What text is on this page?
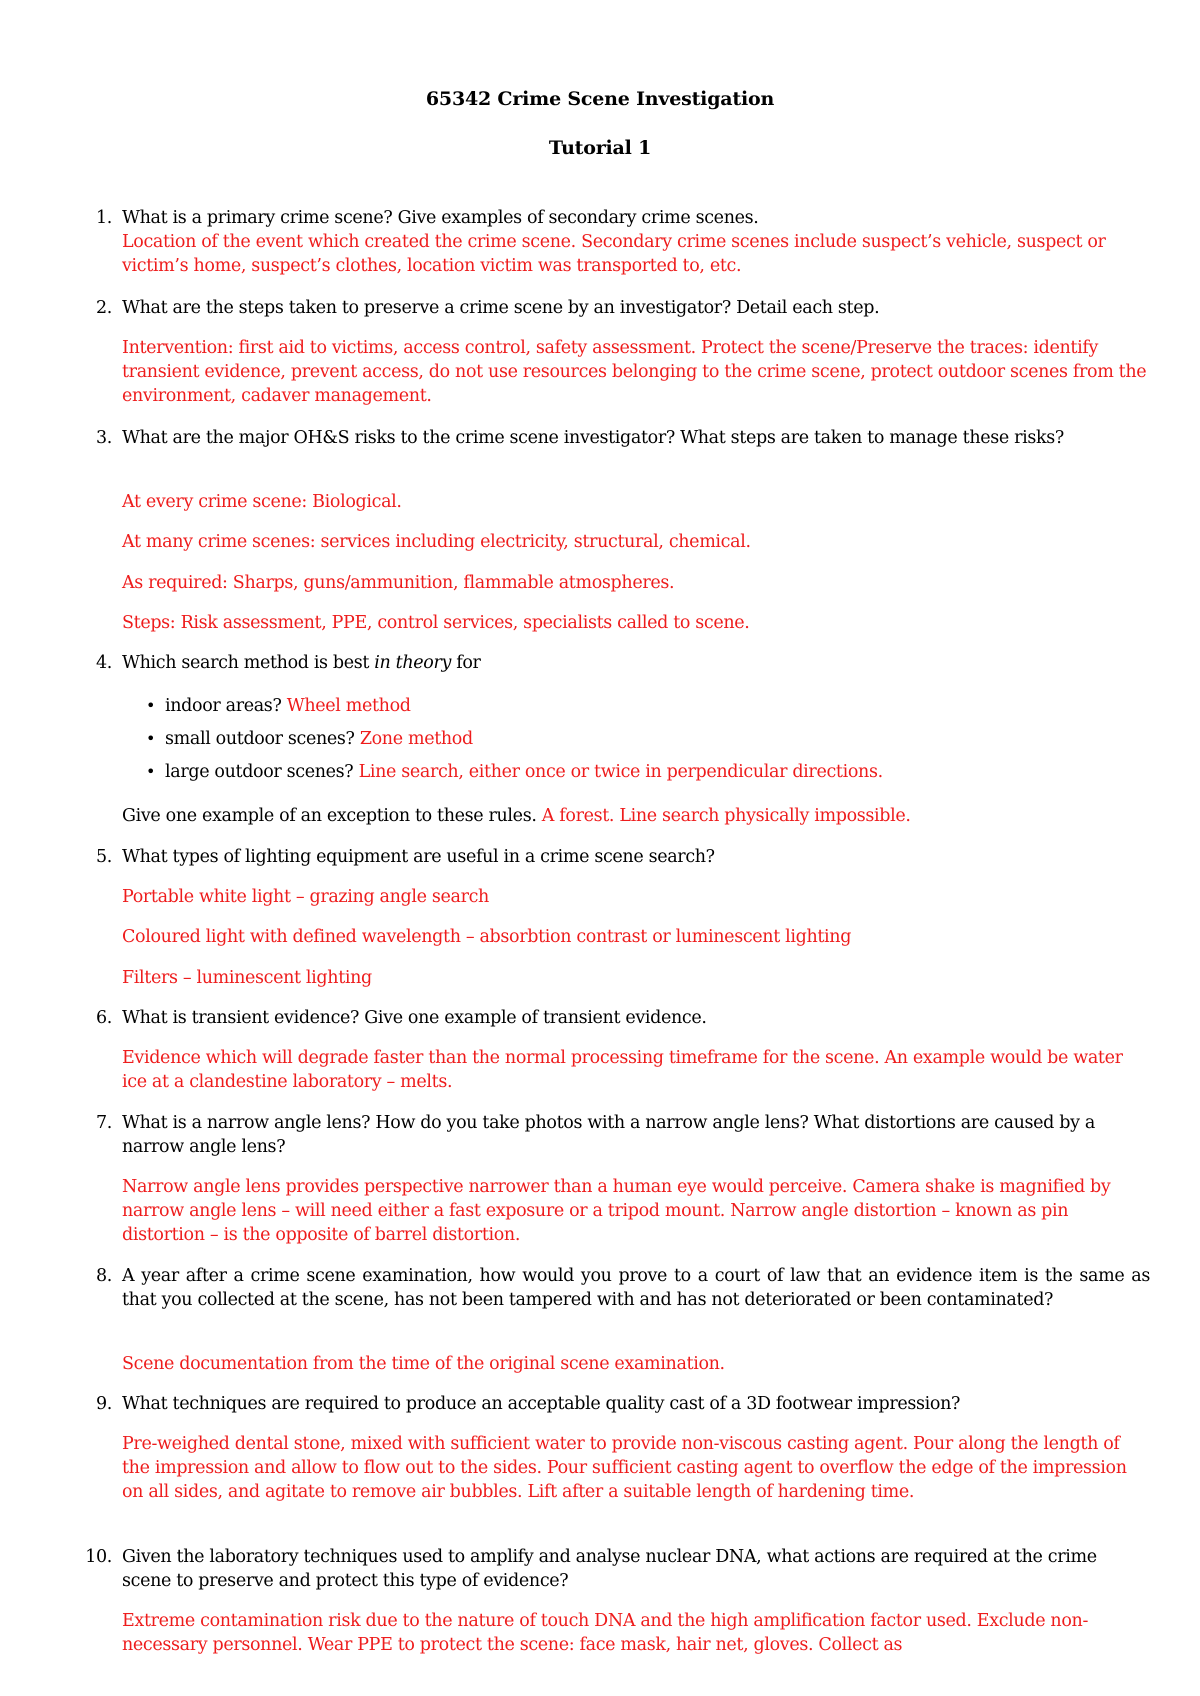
65342 Crime Scene Investigation
Tutorial 1
1. What is a primary crime scene? Give examples of secondary crime scenes.
Location of the event which created the crime scene. Secondary crime scenes include suspect’s vehicle, suspect or victim’s home, suspect’s clothes, location victim was transported to, etc.
2. What are the steps taken to preserve a crime scene by an investigator? Detail each step.
Intervention: first aid to victims, access control, safety assessment. Protect the scene/Preserve the traces: identify transient evidence, prevent access, do not use resources belonging to the crime scene, protect outdoor scenes from the environment, cadaver management.
3. What are the major OH&S risks to the crime scene investigator? What steps are taken to manage these risks?
At every crime scene: Biological.
At many crime scenes: services including electricity, structural, chemical.
As required: Sharps, guns/ammunition, flammable atmospheres.
Steps: Risk assessment, PPE, control services, specialists called to scene.
4. Which search method is best in theory for
• indoor areas? Wheel method
• small outdoor scenes? Zone method
• large outdoor scenes? Line search, either once or twice in perpendicular directions.
Give one example of an exception to these rules. A forest. Line search physically impossible.
5. What types of lighting equipment are useful in a crime scene search?
Portable white light – grazing angle search
Coloured light with defined wavelength – absorbtion contrast or luminescent lighting
Filters – luminescent lighting
6. What is transient evidence? Give one example of transient evidence.
Evidence which will degrade faster than the normal processing timeframe for the scene. An example would be water ice at a clandestine laboratory – melts.
7. What is a narrow angle lens? How do you take photos with a narrow angle lens? What distortions are caused by a narrow angle lens?
Narrow angle lens provides perspective narrower than a human eye would perceive. Camera shake is magnified by narrow angle lens – will need either a fast exposure or a tripod mount. Narrow angle distortion – known as pin distortion – is the opposite of barrel distortion.
8. A year after a crime scene examination, how would you prove to a court of law that an evidence item is the same as that you collected at the scene, has not been tampered with and has not deteriorated or been contaminated?
Scene documentation from the time of the original scene examination.
9. What techniques are required to produce an acceptable quality cast of a 3D footwear impression?
Pre-weighed dental stone, mixed with sufficient water to provide non-viscous casting agent. Pour along the length of the impression and allow to flow out to the sides. Pour sufficient casting agent to overflow the edge of the impression on all sides, and agitate to remove air bubbles. Lift after a suitable length of hardening time.
10. Given the laboratory techniques used to amplify and analyse nuclear DNA, what actions are required at the crime scene to preserve and protect this type of evidence?
Extreme contamination risk due to the nature of touch DNA and the high amplification factor used. Exclude non-necessary personnel. Wear PPE to protect the scene: face mask, hair net, gloves. Collect as
